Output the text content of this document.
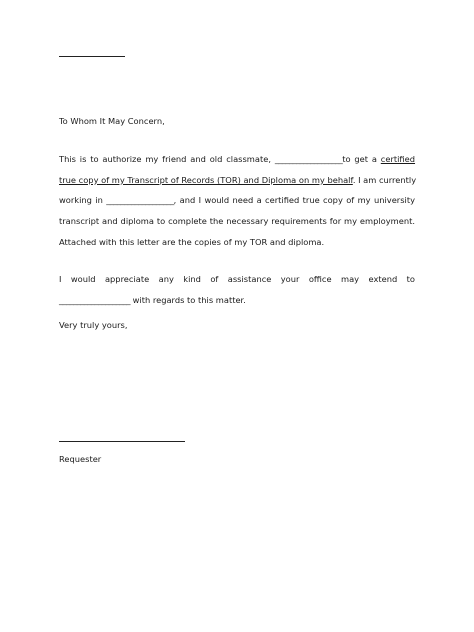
To Whom It May Concern,
This is to authorize my friend and old classmate, ___________________to get a certified
true copy of my Transcript of Records (TOR) and Diploma on my behalf. I am currently
working in ___________________, and I would need a certified true copy of my university
transcript and diploma to complete the necessary requirements for my employment.
Attached with this letter are the copies of my TOR and diploma.
I would appreciate any kind of assistance your office may extend to
____________________ with regards to this matter.
Very truly yours,
Requester
